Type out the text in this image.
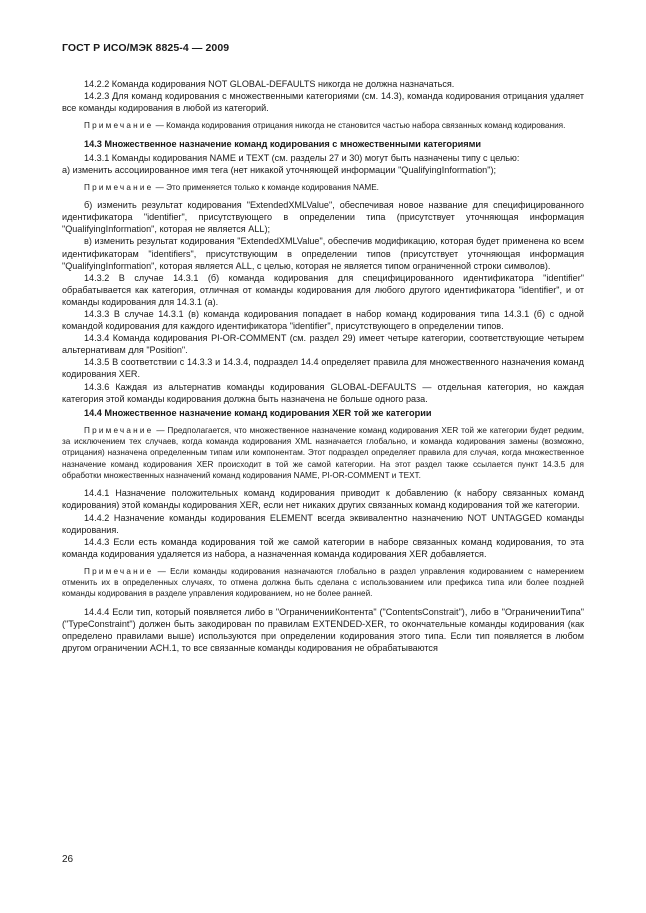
ГОСТ Р ИСО/МЭК 8825-4 — 2009

14.2.2 Команда кодирования NOT GLOBAL-DEFAULTS никогда не должна назначаться.

14.2.3 Для команд кодирования с множественными категориями (см. 14.3), команда кодирования отрицания удаляет все команды кодирования в любой из категорий.

Примечание — Команда кодирования отрицания никогда не становится частью набора связанных команд кодирования.

14.3 Множественное назначение команд кодирования с множественными категориями

14.3.1 Команды кодирования NAME и TEXT (см. разделы 27 и 30) могут быть назначены типу с целью:

а) изменить ассоциированное имя тега (нет никакой уточняющей информации "QualifyingInformation");

Примечание — Это применяется только к команде кодирования NAME.

б) изменить результат кодирования "ExtendedXMLValue", обеспечивая новое название для специфицированного идентификатора "identifier", присутствующего в определении типа (присутствует уточняющая информация "QualifyingInformation", которая не является ALL);

в) изменить результат кодирования "ExtendedXMLValue", обеспечив модификацию, которая будет применена ко всем идентификаторам "identifiers", присутствующим в определении типов (присутствует уточняющая информация "QualifyingInformation", которая является ALL, с целью, которая не является типом ограниченной строки символов).

14.3.2 В случае 14.3.1 (б) команда кодирования для специфицированного идентификатора "identifier" обрабатывается как категория, отличная от команды кодирования для любого другого идентификатора "identifier", и от команды кодирования для 14.3.1 (а).

14.3.3 В случае 14.3.1 (в) команда кодирования попадает в набор команд кодирования типа 14.3.1 (б) с одной командой кодирования для каждого идентификатора "identifier", присутствующего в определении типов.

14.3.4 Команда кодирования PI-OR-COMMENT (см. раздел 29) имеет четыре категории, соответствующие четырем альтернативам для "Position".

14.3.5 В соответствии с 14.3.3 и 14.3.4, подраздел 14.4 определяет правила для множественного назначения команд кодирования XER.

14.3.6 Каждая из альтернатив команды кодирования GLOBAL-DEFAULTS — отдельная категория, но каждая категория этой команды кодирования должна быть назначена не больше одного раза.

14.4 Множественное назначение команд кодирования XER той же категории

Примечание — Предполагается, что множественное назначение команд кодирования XER той же категории будет редким, за исключением тех случаев, когда команда кодирования XML назначается глобально, и команда кодирования замены (возможно, отрицания) назначена определенным типам или компонентам. Этот подраздел определяет правила для случая, когда множественное назначение команд кодирования XER происходит в той же самой категории. На этот раздел также ссылается пункт 14.3.5 для обработки множественных назначений команд кодирования NAME, PI-OR-COMMENT и TEXT.

14.4.1 Назначение положительных команд кодирования приводит к добавлению (к набору связанных команд кодирования) этой команды кодирования XER, если нет никаких других связанных команд кодирования той же категории.

14.4.2 Назначение команды кодирования ELEMENT всегда эквивалентно назначению NOT UNTAGGED команды кодирования.

14.4.3 Если есть команда кодирования той же самой категории в наборе связанных команд кодирования, то эта команда кодирования удаляется из набора, а назначенная команда кодирования XER добавляется.

Примечание — Если команды кодирования назначаются глобально в раздел управления кодированием с намерением отменить их в определенных случаях, то отмена должна быть сделана с использованием или префикса типа или более поздней команды кодирования в разделе управления кодированием, но не более ранней.

14.4.4 Если тип, который появляется либо в "ОграниченииКонтента" ("ContentsConstrait"), либо в "ОграниченииТипа" ("TypeConstraint") должен быть закодирован по правилам EXTENDED-XER, то окончательные команды кодирования (как определено правилами выше) используются при определении кодирования этого типа. Если тип появляется в любом другом ограничении ACH.1, то все связанные команды кодирования не обрабатываются

26
